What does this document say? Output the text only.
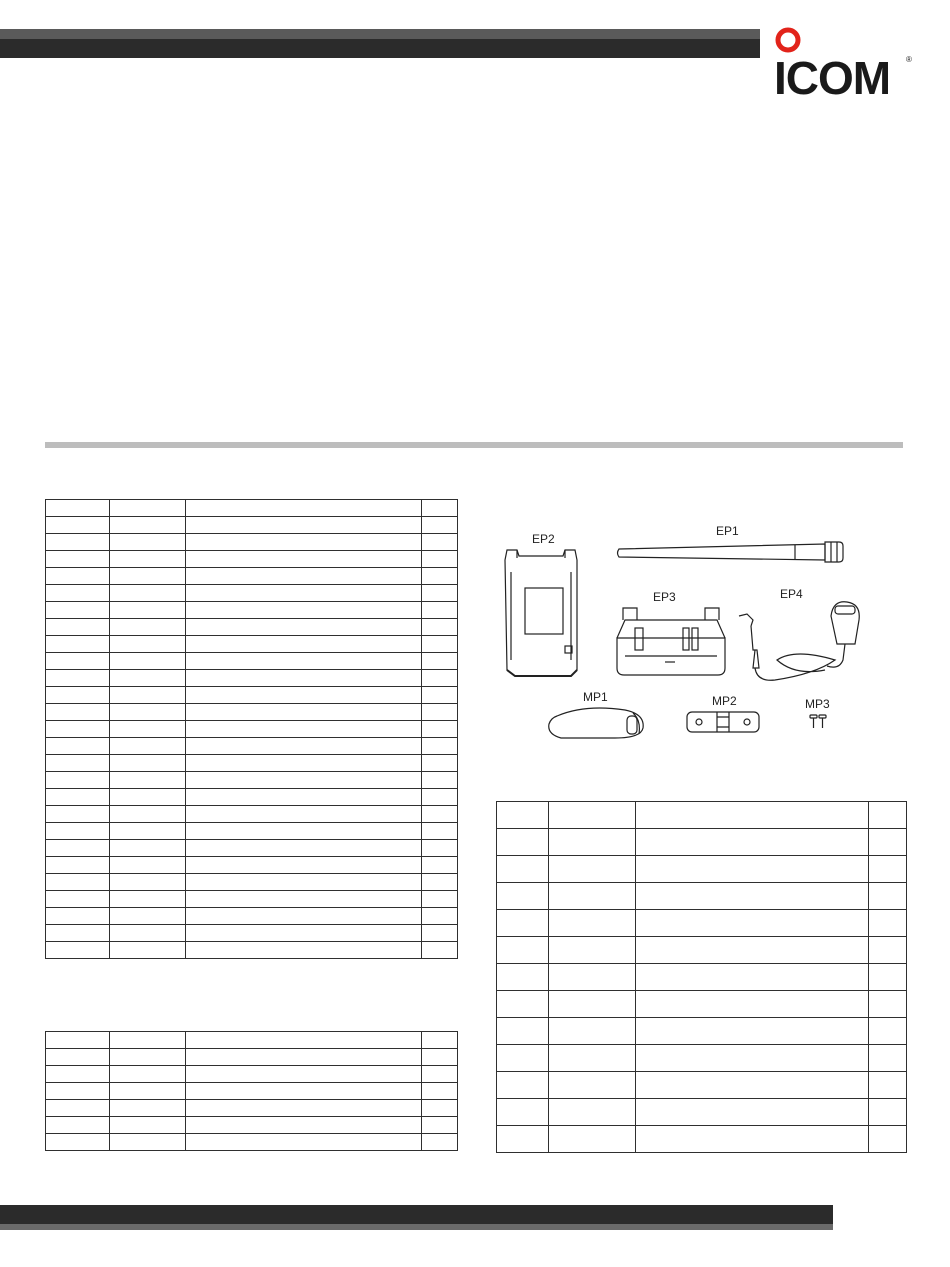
ICOM ®

EP2
EP1
EP3	EP4
MP1	MP2	MP3
